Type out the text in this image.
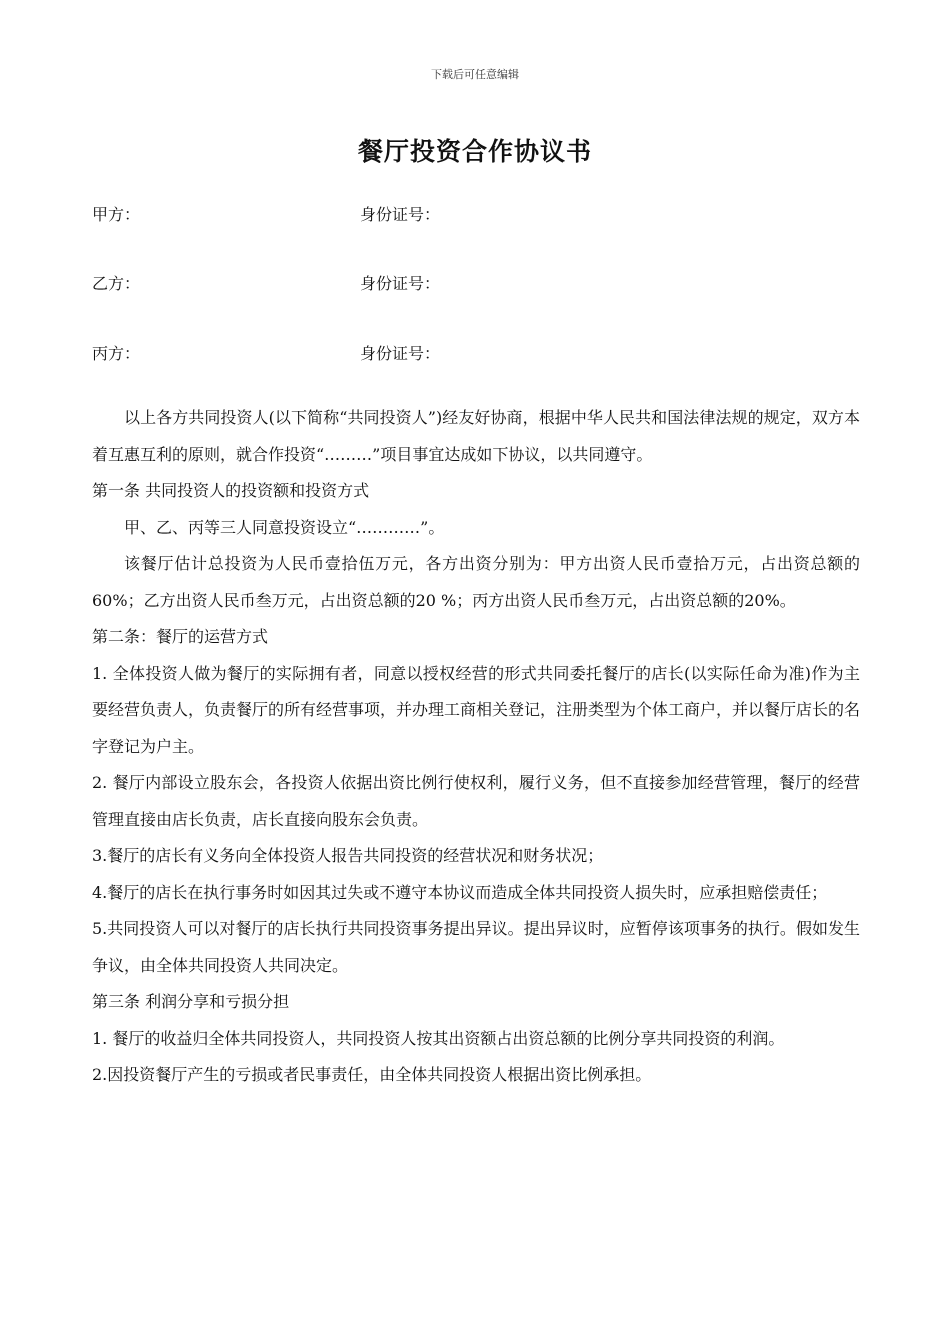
下载后可任意编辑
餐厅投资合作协议书
甲方：	身份证号：
乙方：	身份证号：
丙方：	身份证号：

以上各方共同投资人(以下简称“共同投资人”)经友好协商，根据中华人民共和国法律法规的规定，双方本着互惠互利的原则，就合作投资“………”项目事宜达成如下协议，以共同遵守。

第一条 共同投资人的投资额和投资方式

甲、乙、丙等三人同意投资设立“…………”。

该餐厅估计总投资为人民币壹拾伍万元，各方出资分别为：甲方出资人民币壹拾万元，占出资总额的60%；乙方出资人民币叁万元，占出资总额的20 %；丙方出资人民币叁万元，占出资总额的20%。

第二条：餐厅的运营方式

1. 全体投资人做为餐厅的实际拥有者，同意以授权经营的形式共同委托餐厅的店长(以实际任命为准)作为主要经营负责人，负责餐厅的所有经营事项，并办理工商相关登记，注册类型为个体工商户，并以餐厅店长的名字登记为户主。

2. 餐厅内部设立股东会，各投资人依据出资比例行使权利，履行义务，但不直接参加经营管理，餐厅的经营管理直接由店长负责，店长直接向股东会负责。

3.餐厅的店长有义务向全体投资人报告共同投资的经营状况和财务状况；

4.餐厅的店长在执行事务时如因其过失或不遵守本协议而造成全体共同投资人损失时，应承担赔偿责任；

5.共同投资人可以对餐厅的店长执行共同投资事务提出异议。提出异议时，应暂停该项事务的执行。假如发生争议，由全体共同投资人共同决定。

第三条 利润分享和亏损分担

1. 餐厅的收益归全体共同投资人，共同投资人按其出资额占出资总额的比例分享共同投资的利润。

2.因投资餐厅产生的亏损或者民事责任，由全体共同投资人根据出资比例承担。
